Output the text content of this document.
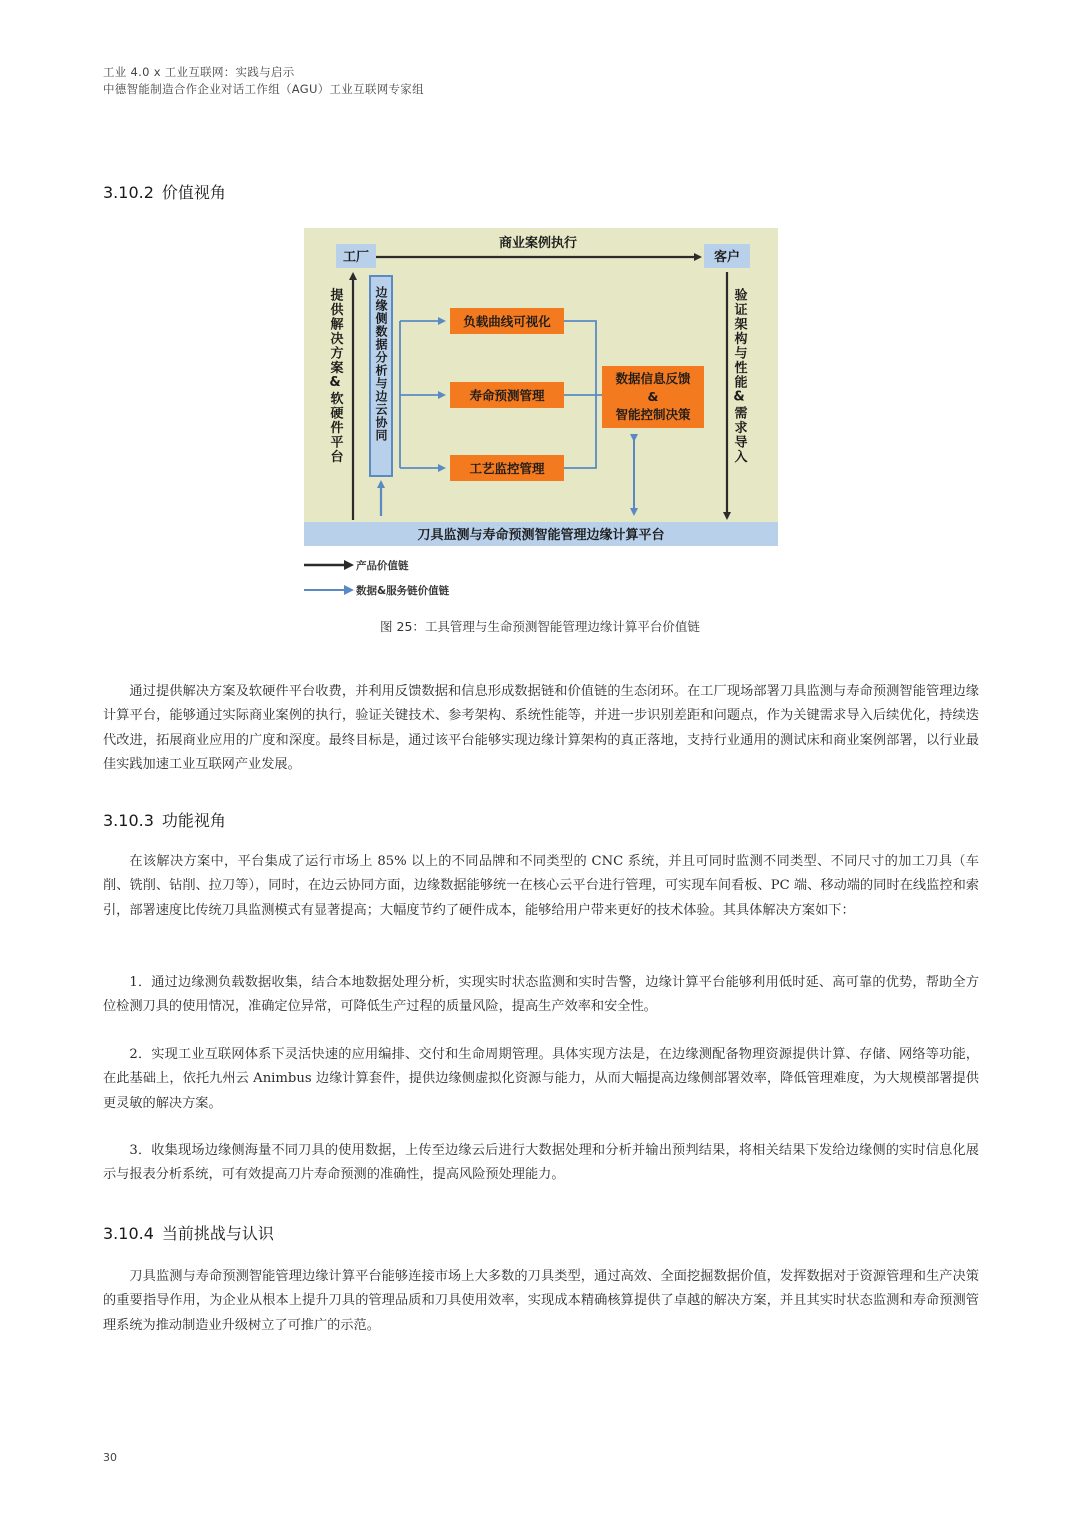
工业 4.0 x 工业互联网：实践与启示
中德智能制造合作企业对话工作组（AGU）工业互联网专家组
3.10.2 价值视角
商业案例执行
工厂	客户
提供解决方案&软硬件平台	验证架构与性能&需求导入
边缘侧数据分析与边云协同	负载曲线可视化
寿命预测管理
工艺监控管理
数据信息反馈
&
智能控制决策
刀具监测与寿命预测智能管理边缘计算平台
产品价值链
数据&服务链价值链
图 25：工具管理与生命预测智能管理边缘计算平台价值链

通过提供解决方案及软硬件平台收费，并利用反馈数据和信息形成数据链和价值链的生态闭环。在工厂现场部署刀具监测与寿命预测智能管理边缘计算平台，能够通过实际商业案例的执行，验证关键技术、参考架构、系统性能等，并进一步识别差距和问题点，作为关键需求导入后续优化，持续迭代改进，拓展商业应用的广度和深度。最终目标是，通过该平台能够实现边缘计算架构的真正落地，支持行业通用的测试床和商业案例部署，以行业最佳实践加速工业互联网产业发展。

3.10.3 功能视角

在该解决方案中，平台集成了运行市场上 85% 以上的不同品牌和不同类型的 CNC 系统，并且可同时监测不同类型、不同尺寸的加工刀具（车削、铣削、钻削、拉刀等），同时，在边云协同方面，边缘数据能够统一在核心云平台进行管理，可实现车间看板、PC 端、移动端的同时在线监控和索引，部署速度比传统刀具监测模式有显著提高；大幅度节约了硬件成本，能够给用户带来更好的技术体验。其具体解决方案如下：

1．通过边缘测负载数据收集，结合本地数据处理分析，实现实时状态监测和实时告警，边缘计算平台能够利用低时延、高可靠的优势，帮助全方位检测刀具的使用情况，准确定位异常，可降低生产过程的质量风险，提高生产效率和安全性。

2．实现工业互联网体系下灵活快速的应用编排、交付和生命周期管理。具体实现方法是，在边缘测配备物理资源提供计算、存储、网络等功能，在此基础上，依托九州云 Animbus 边缘计算套件，提供边缘侧虚拟化资源与能力，从而大幅提高边缘侧部署效率，降低管理难度，为大规模部署提供更灵敏的解决方案。

3．收集现场边缘侧海量不同刀具的使用数据，上传至边缘云后进行大数据处理和分析并输出预判结果，将相关结果下发给边缘侧的实时信息化展示与报表分析系统，可有效提高刀片寿命预测的准确性，提高风险预处理能力。

3.10.4 当前挑战与认识

刀具监测与寿命预测智能管理边缘计算平台能够连接市场上大多数的刀具类型，通过高效、全面挖掘数据价值，发挥数据对于资源管理和生产决策的重要指导作用，为企业从根本上提升刀具的管理品质和刀具使用效率，实现成本精确核算提供了卓越的解决方案，并且其实时状态监测和寿命预测管理系统为推动制造业升级树立了可推广的示范。

30
